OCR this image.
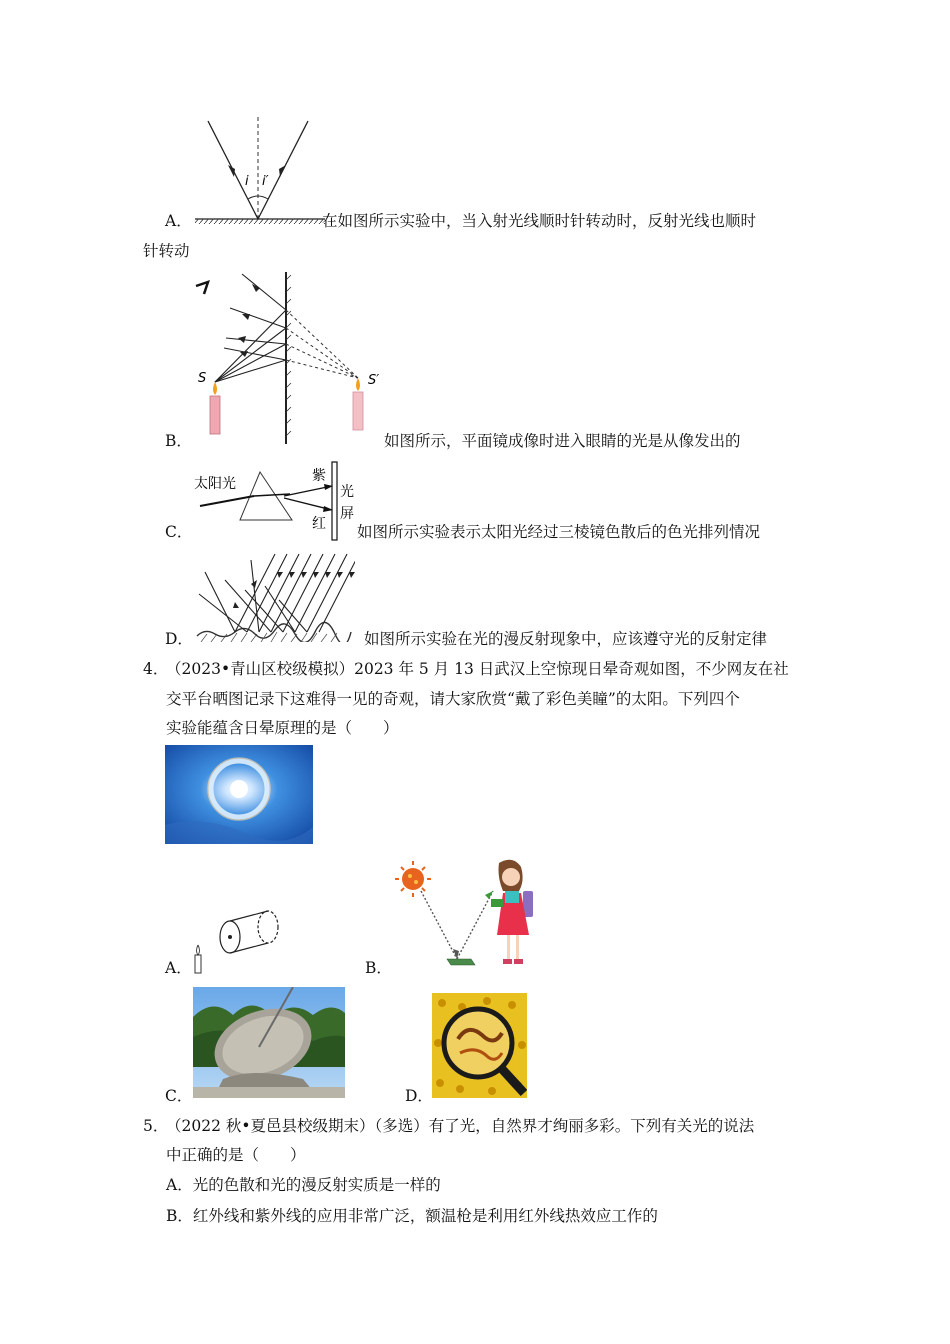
i i′
A．	在如图所示实验中，当入射光线顺时针转动时，反射光线也顺时
针转动
S	S′
B．	如图所示，平面镜成像时进入眼睛的光是从像发出的
太阳光	紫
红
光
屏
C．	如图所示实验表示太阳光经过三棱镜色散后的色光排列情况
D．	如图所示实验在光的漫反射现象中，应该遵守光的反射定律
4．
（2023•青山区校级模拟）2023 年 5 月 13 日武汉上空惊现日晕奇观如图，不少网友在社
交平台晒图记录下这难得一见的奇观，请大家欣赏“戴了彩色美瞳”的太阳。下列四个
实验能蕴含日晕原理的是（　　）
A．	B．
C．	D．
5．
（2022 秋•夏邑县校级期末）（多选）有了光，自然界才绚丽多彩。下列有关光的说法
中正确的是（　　）
A．光的色散和光的漫反射实质是一样的
B．红外线和紫外线的应用非常广泛，额温枪是利用红外线热效应工作的
